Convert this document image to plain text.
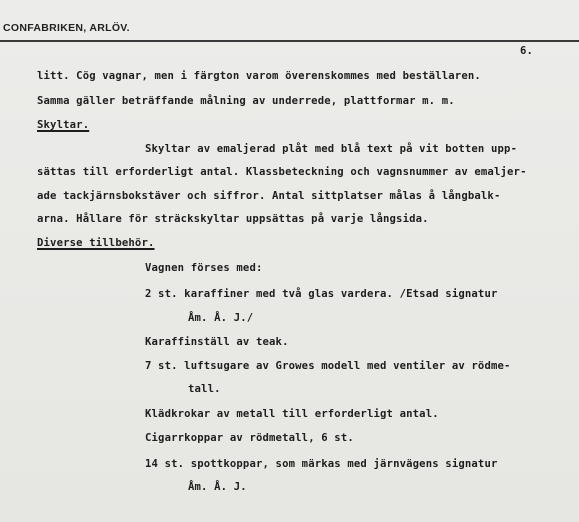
CONFABRIKEN, ARLÖV.
6.
litt. Cög vagnar, men i färgton varom överenskommes med beställaren.
Samma gäller beträffande målning av underrede, plattformar m. m.
Skyltar.
Skyltar av emaljerad plåt med blå text på vit botten upp-
sättas till erforderligt antal. Klassbeteckning och vagnsnummer av emaljer-
ade tackjärnsbokstäver och siffror. Antal sittplatser målas å långbalk-
arna. Hållare för sträckskyltar uppsättas på varje långsida.
Diverse tillbehör.
Vagnen förses med:
2 st. karaffiner med två glas vardera. /Etsad signatur
Åm. Å. J./
Karaffinställ av teak.
7 st. luftsugare av Growes modell med ventiler av rödme-
tall.
Klädkrokar av metall till erforderligt antal.
Cigarrkoppar av rödmetall, 6 st.
14 st. spottkoppar, som märkas med järnvägens signatur
Åm. Å. J.
